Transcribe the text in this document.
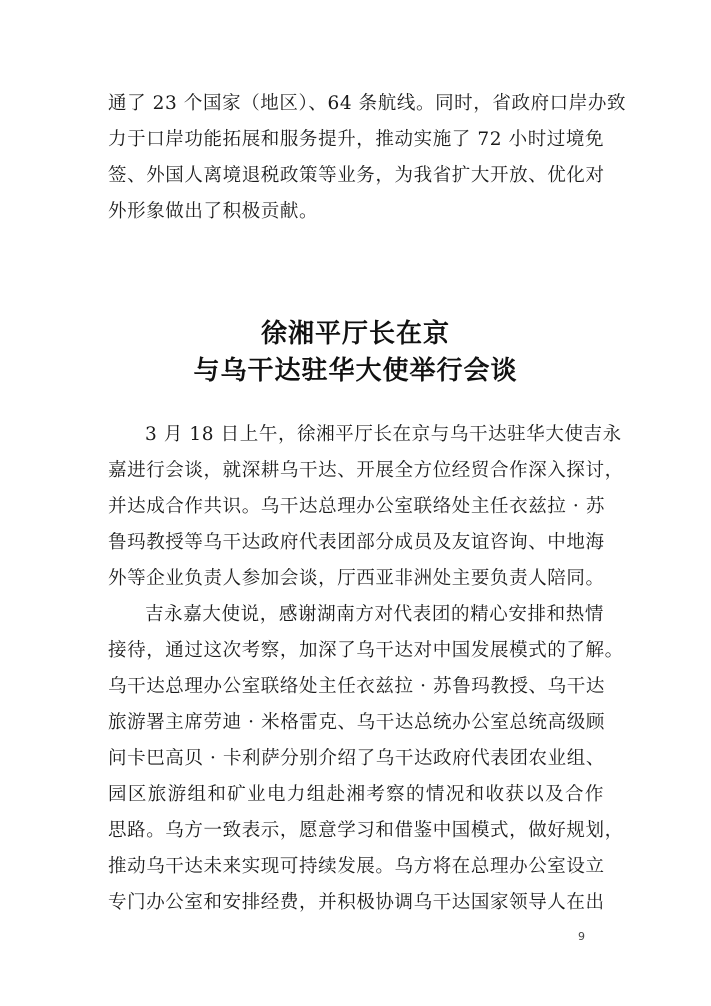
通了 23 个国家（地区）、64 条航线。同时，省政府口岸办致
力于口岸功能拓展和服务提升，推动实施了 72 小时过境免
签、外国人离境退税政策等业务，为我省扩大开放、优化对
外形象做出了积极贡献。
徐湘平厅长在京
与乌干达驻华大使举行会谈
3 月 18 日上午，徐湘平厅长在京与乌干达驻华大使吉永
嘉进行会谈，就深耕乌干达、开展全方位经贸合作深入探讨，
并达成合作共识。乌干达总理办公室联络处主任衣兹拉 · 苏
鲁玛教授等乌干达政府代表团部分成员及友谊咨询、中地海
外等企业负责人参加会谈，厅西亚非洲处主要负责人陪同。
吉永嘉大使说，感谢湖南方对代表团的精心安排和热情
接待，通过这次考察，加深了乌干达对中国发展模式的了解。
乌干达总理办公室联络处主任衣兹拉 · 苏鲁玛教授、乌干达
旅游署主席劳迪 · 米格雷克、乌干达总统办公室总统高级顾
问卡巴高贝 · 卡利萨分别介绍了乌干达政府代表团农业组、
园区旅游组和矿业电力组赴湘考察的情况和收获以及合作
思路。乌方一致表示，愿意学习和借鉴中国模式，做好规划，
推动乌干达未来实现可持续发展。乌方将在总理办公室设立
专门办公室和安排经费，并积极协调乌干达国家领导人在出
9
